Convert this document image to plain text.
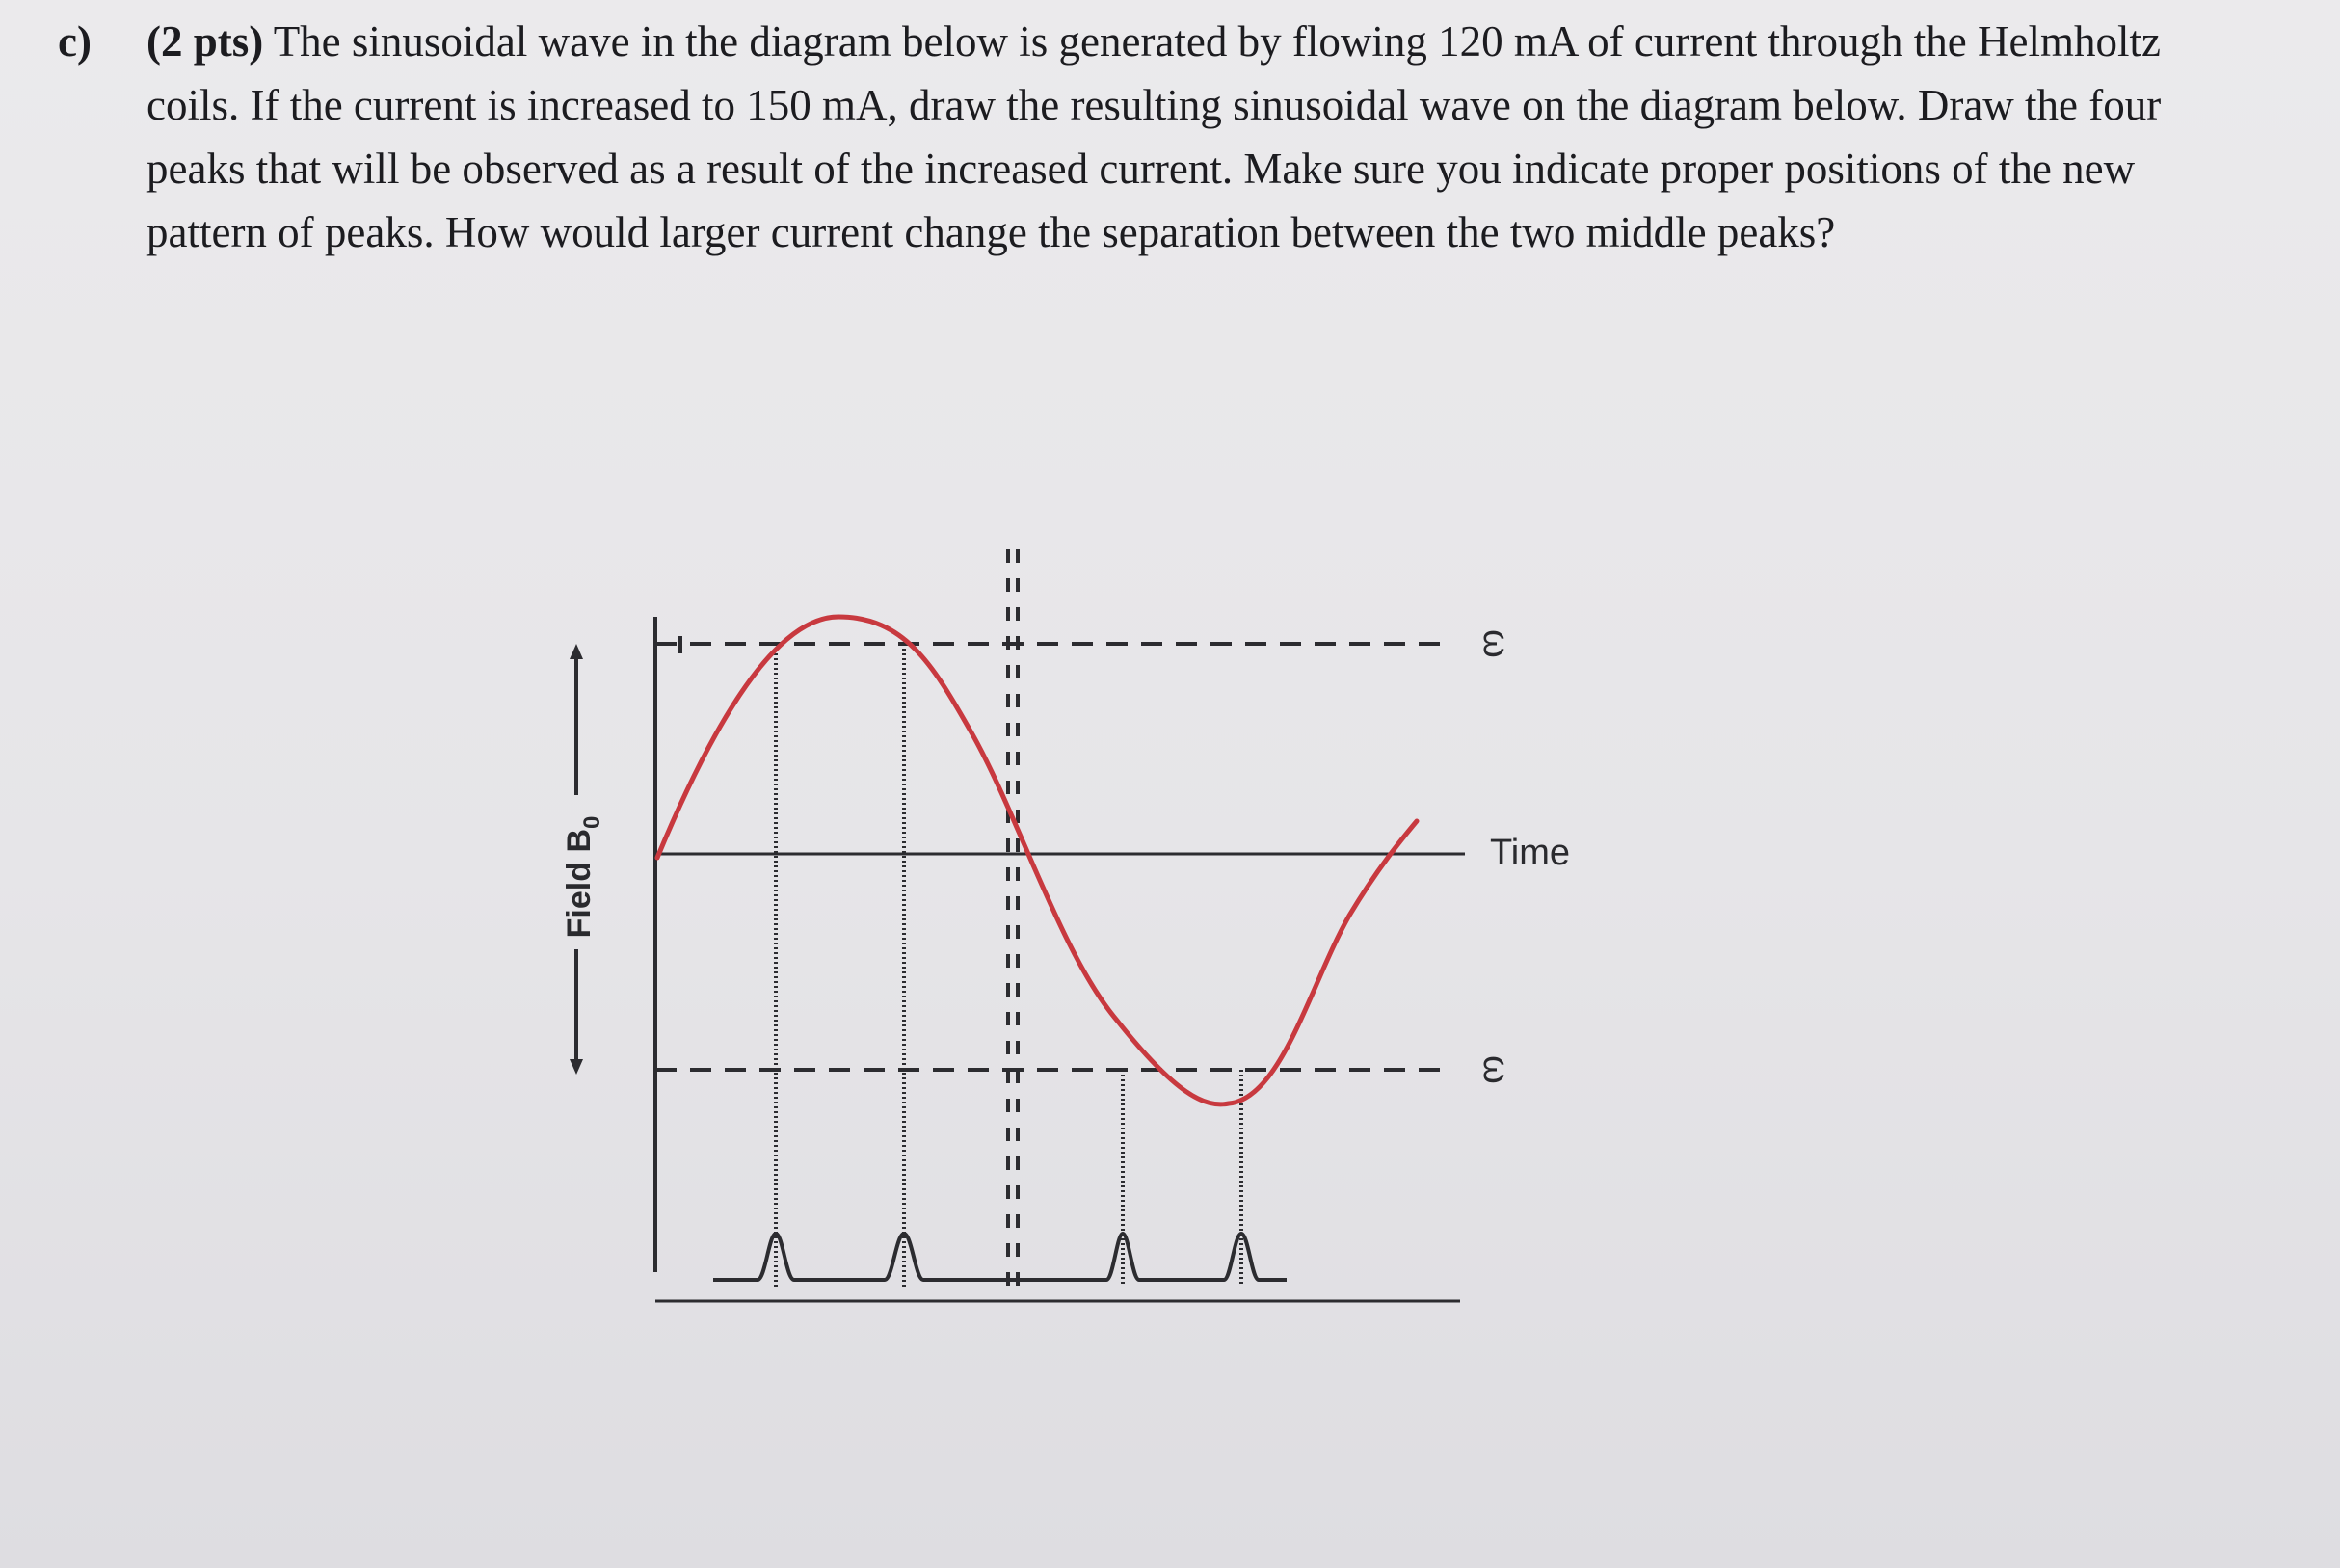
c) (2 pts) The sinusoidal wave in the diagram below is generated by flowing 120 mA of current through the Helmholtz coils. If the current is increased to 150 mA, draw the resulting sinusoidal wave on the diagram below. Draw the four peaks that will be observed as a result of the increased current. Make sure you indicate proper positions of the new pattern of peaks. How would larger current change the separation between the two middle peaks?
Field $B_0$
ω
ω
Time
